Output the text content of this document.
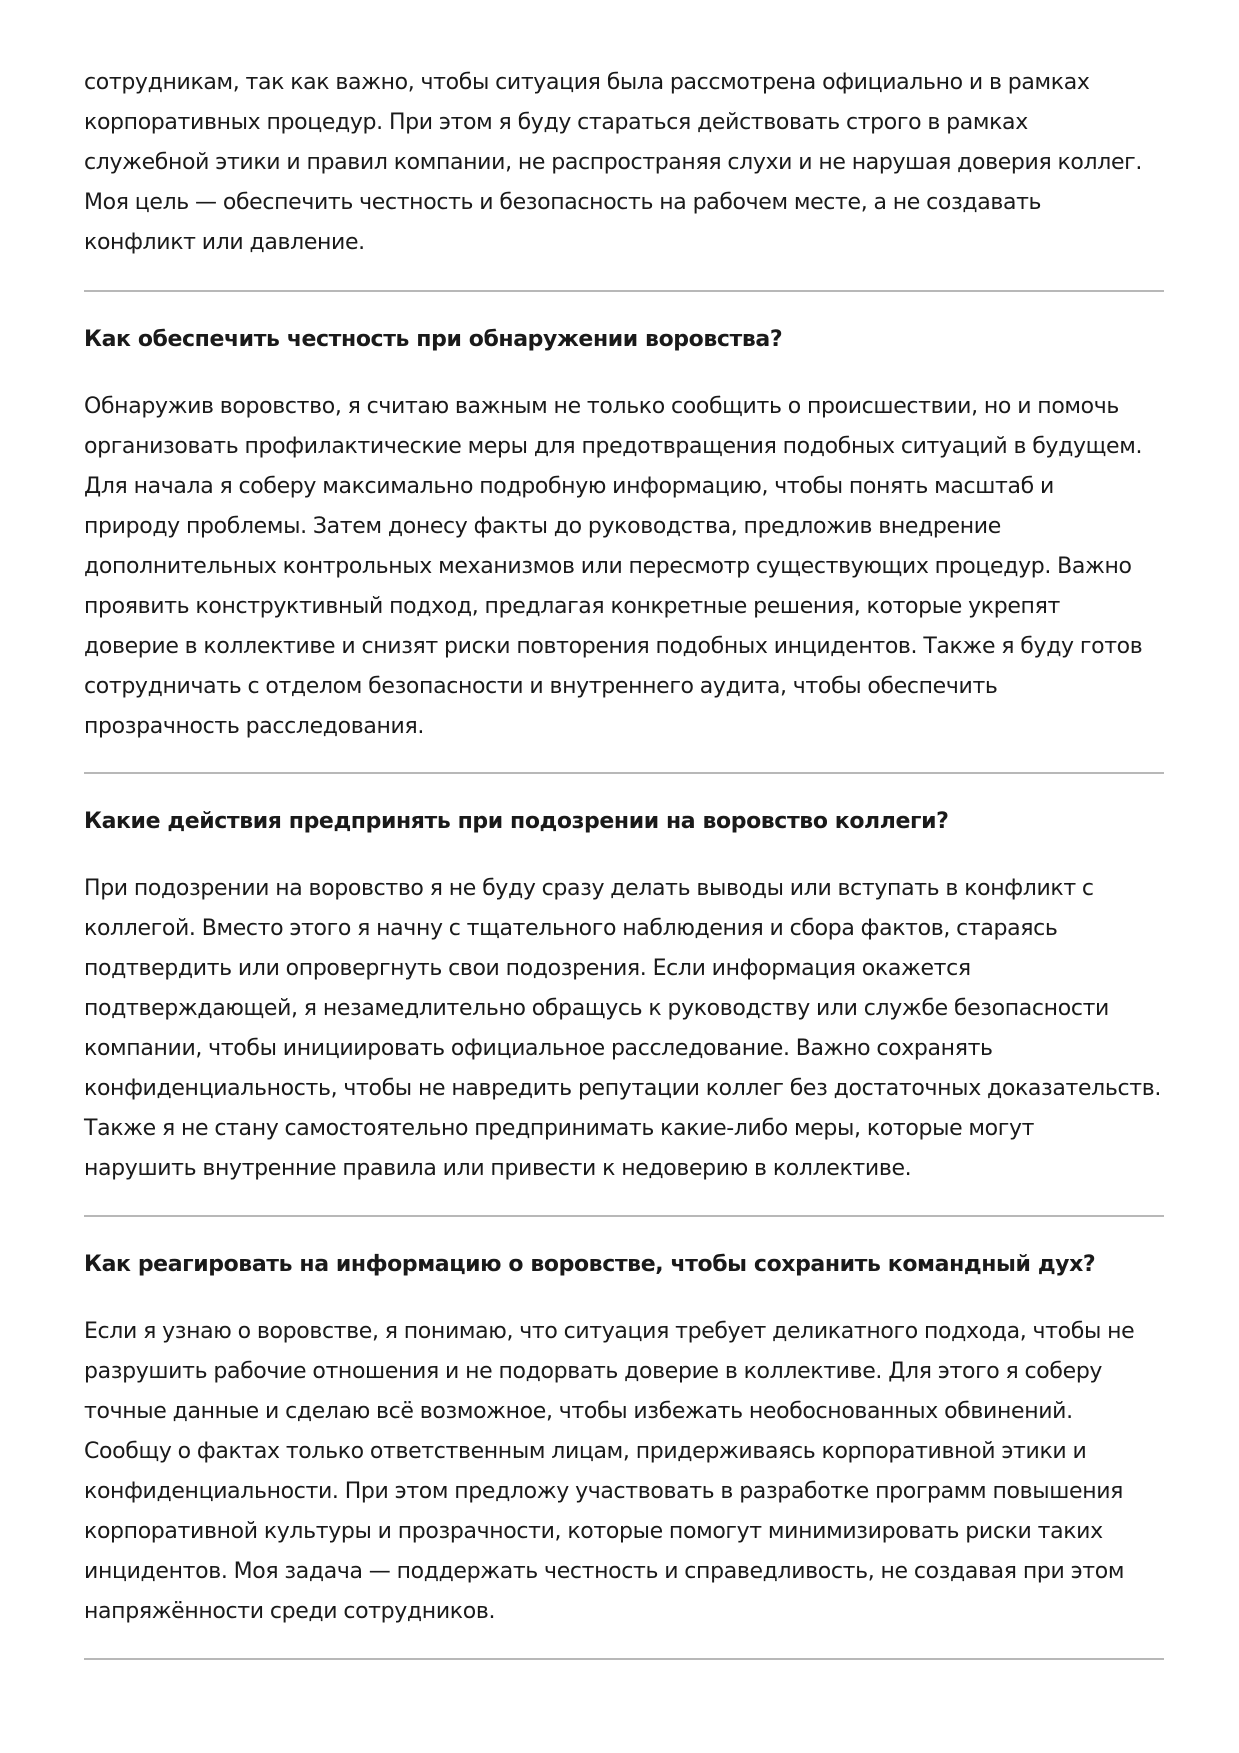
сотрудникам, так как важно, чтобы ситуация была рассмотрена официально и в рамках
корпоративных процедур. При этом я буду стараться действовать строго в рамках
служебной этики и правил компании, не распространяя слухи и не нарушая доверия коллег.
Моя цель — обеспечить честность и безопасность на рабочем месте, а не создавать
конфликт или давление.

Как обеспечить честность при обнаружении воровства?

Обнаружив воровство, я считаю важным не только сообщить о происшествии, но и помочь
организовать профилактические меры для предотвращения подобных ситуаций в будущем.
Для начала я соберу максимально подробную информацию, чтобы понять масштаб и
природу проблемы. Затем донесу факты до руководства, предложив внедрение
дополнительных контрольных механизмов или пересмотр существующих процедур. Важно
проявить конструктивный подход, предлагая конкретные решения, которые укрепят
доверие в коллективе и снизят риски повторения подобных инцидентов. Также я буду готов
сотрудничать с отделом безопасности и внутреннего аудита, чтобы обеспечить
прозрачность расследования.

Какие действия предпринять при подозрении на воровство коллеги?

При подозрении на воровство я не буду сразу делать выводы или вступать в конфликт с
коллегой. Вместо этого я начну с тщательного наблюдения и сбора фактов, стараясь
подтвердить или опровергнуть свои подозрения. Если информация окажется
подтверждающей, я незамедлительно обращусь к руководству или службе безопасности
компании, чтобы инициировать официальное расследование. Важно сохранять
конфиденциальность, чтобы не навредить репутации коллег без достаточных доказательств.
Также я не стану самостоятельно предпринимать какие-либо меры, которые могут
нарушить внутренние правила или привести к недоверию в коллективе.

Как реагировать на информацию о воровстве, чтобы сохранить командный дух?

Если я узнаю о воровстве, я понимаю, что ситуация требует деликатного подхода, чтобы не
разрушить рабочие отношения и не подорвать доверие в коллективе. Для этого я соберу
точные данные и сделаю всё возможное, чтобы избежать необоснованных обвинений.
Сообщу о фактах только ответственным лицам, придерживаясь корпоративной этики и
конфиденциальности. При этом предложу участвовать в разработке программ повышения
корпоративной культуры и прозрачности, которые помогут минимизировать риски таких
инцидентов. Моя задача — поддержать честность и справедливость, не создавая при этом
напряжённости среди сотрудников.
